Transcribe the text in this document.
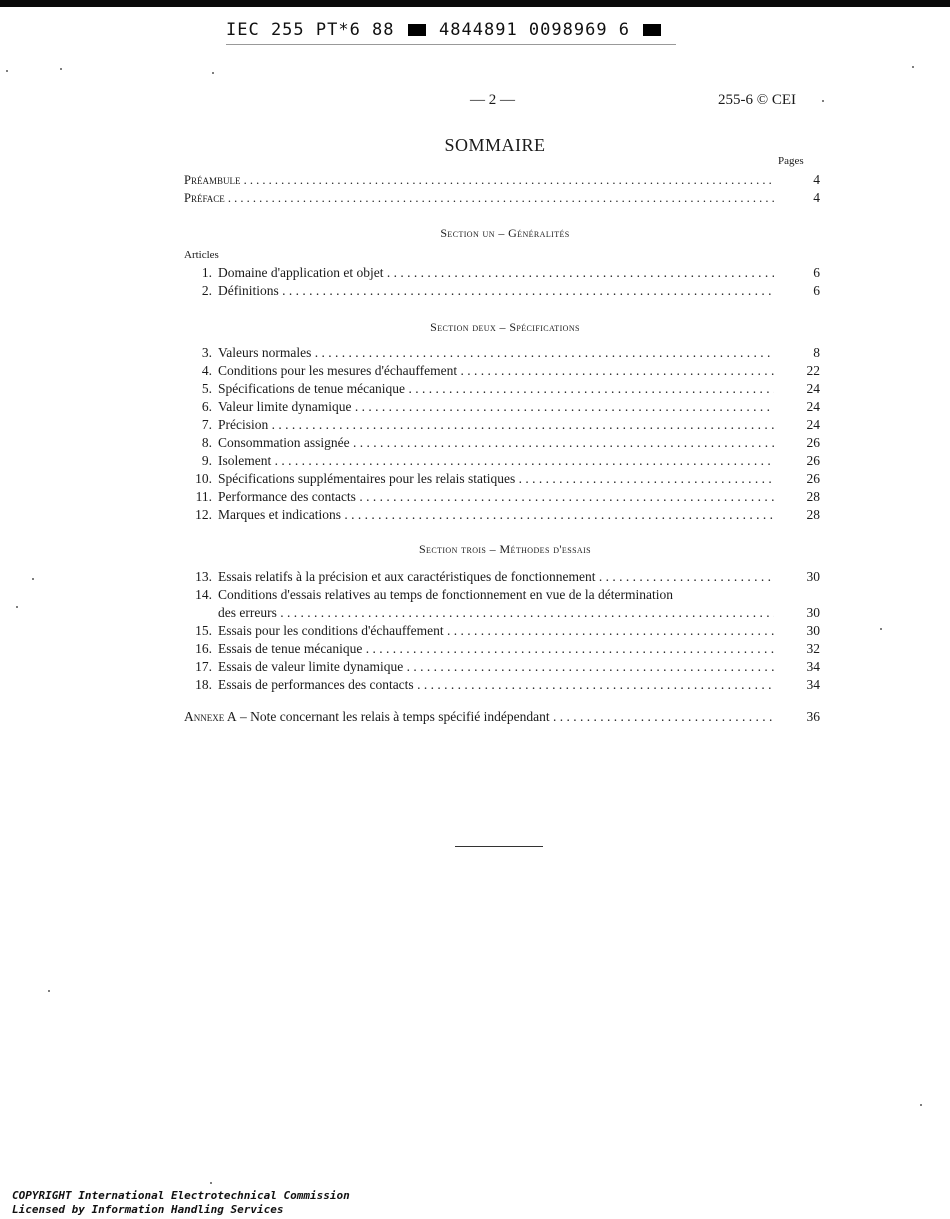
IEC 255 PT*6 88	4844891 0098969 6
— 2 —	255-6 © CEI
SOMMAIRE
Pages
Préambule . . .	4
Préface . . .	4
Section un – Généralités
Articles
1. Domaine d'application et objet . . .	6
2. Définitions . . .	6
Section deux – Spécifications
3. Valeurs normales . . .	8
4. Conditions pour les mesures d'échauffement . . .	22
5. Spécifications de tenue mécanique . . .	24
6. Valeur limite dynamique . . .	24
7. Précision . . .	24
8. Consommation assignée . . .	26
9. Isolement . . .	26
10. Spécifications supplémentaires pour les relais statiques . . .	26
11. Performance des contacts . . .	28
12. Marques et indications . . .	28
Section trois – Méthodes d'essais
13. Essais relatifs à la précision et aux caractéristiques de fonctionnement . . .	30
14. Conditions d'essais relatives au temps de fonctionnement en vue de la détermination
des erreurs . . .	30
15. Essais pour les conditions d'échauffement . . .	30
16. Essais de tenue mécanique . . .	32
17. Essais de valeur limite dynamique . . .	34
18. Essais de performances des contacts . . .	34
Annexe A – Note concernant les relais à temps spécifié indépendant . . .	36
COPYRIGHT International Electrotechnical Commission
Licensed by Information Handling Services
